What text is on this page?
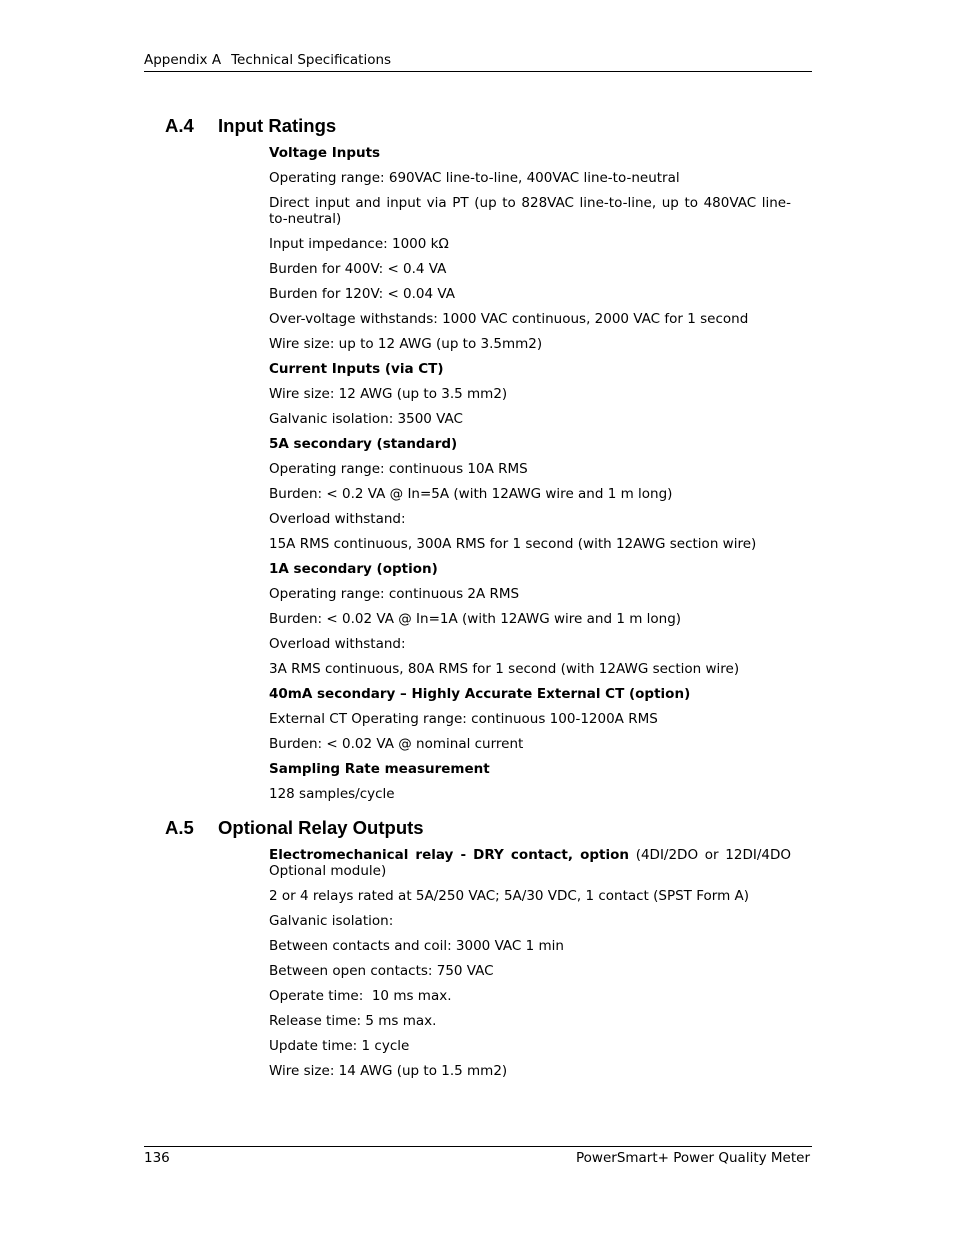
Appendix A Technical Specifications
A.4 Input Ratings
Voltage Inputs
Operating range: 690VAC line-to-line, 400VAC line-to-neutral
Direct input and input via PT (up to 828VAC line-to-line, up to 480VAC line-to-neutral)
Input impedance: 1000 kΩ
Burden for 400V: < 0.4 VA
Burden for 120V: < 0.04 VA
Over-voltage withstands: 1000 VAC continuous, 2000 VAC for 1 second
Wire size: up to 12 AWG (up to 3.5mm2)
Current Inputs (via CT)
Wire size: 12 AWG (up to 3.5 mm2)
Galvanic isolation: 3500 VAC
5A secondary (standard)
Operating range: continuous 10A RMS
Burden: < 0.2 VA @ In=5A (with 12AWG wire and 1 m long)
Overload withstand:
15A RMS continuous, 300A RMS for 1 second (with 12AWG section wire)
1A secondary (option)
Operating range: continuous 2A RMS
Burden: < 0.02 VA @ In=1A (with 12AWG wire and 1 m long)
Overload withstand:
3A RMS continuous, 80A RMS for 1 second (with 12AWG section wire)
40mA secondary – Highly Accurate External CT (option)
External CT Operating range: continuous 100-1200A RMS
Burden: < 0.02 VA @ nominal current
Sampling Rate measurement
128 samples/cycle
A.5 Optional Relay Outputs
Electromechanical relay - DRY contact, option (4DI/2DO or 12DI/4DO Optional module)
2 or 4 relays rated at 5A/250 VAC; 5A/30 VDC, 1 contact (SPST Form A)
Galvanic isolation:
Between contacts and coil: 3000 VAC 1 min
Between open contacts: 750 VAC
Operate time:  10 ms max.
Release time: 5 ms max.
Update time: 1 cycle
Wire size: 14 AWG (up to 1.5 mm2)
136	PowerSmart+ Power Quality Meter
